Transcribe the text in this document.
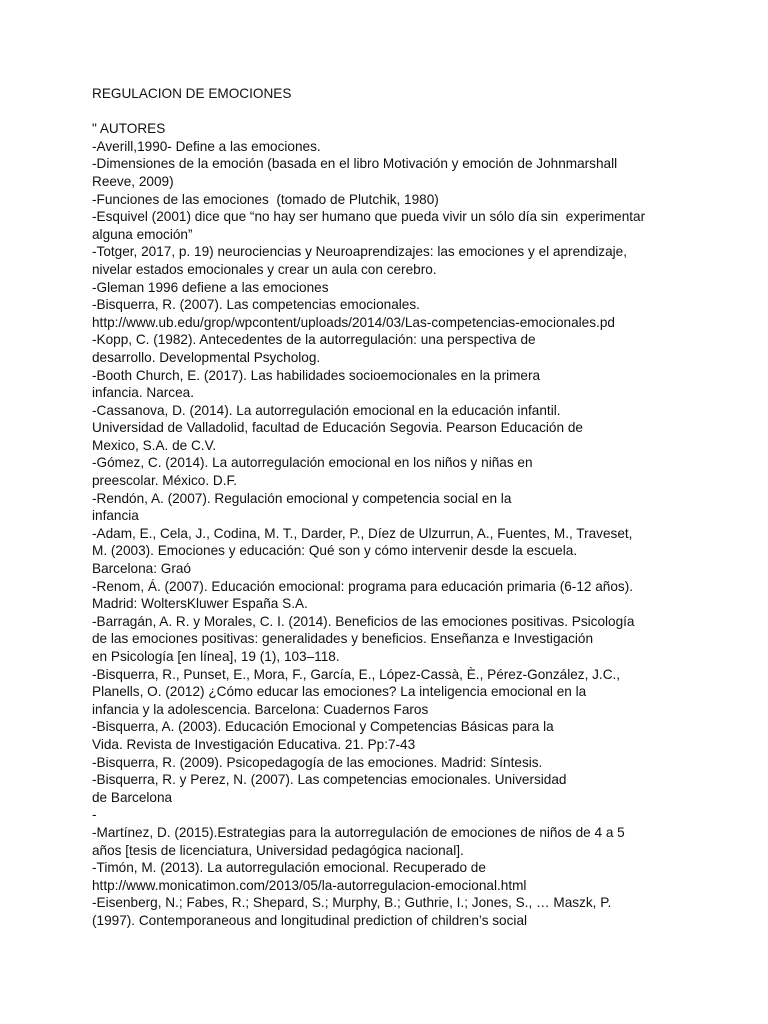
REGULACION DE EMOCIONES
" AUTORES
-Averill,1990- Define a las emociones.
-Dimensiones de la emoción (basada en el libro Motivación y emoción de Johnmarshall
Reeve, 2009)
-Funciones de las emociones  (tomado de Plutchik, 1980)
-Esquivel (2001) dice que “no hay ser humano que pueda vivir un sólo día sin  experimentar
alguna emoción”
-Totger, 2017, p. 19) neurociencias y Neuroaprendizajes: las emociones y el aprendizaje,
nivelar estados emocionales y crear un aula con cerebro.
-Gleman 1996 defiene a las emociones
-Bisquerra, R. (2007). Las competencias emocionales.
http://www.ub.edu/grop/wpcontent/uploads/2014/03/Las-competencias-emocionales.pd
-Kopp, C. (1982). Antecedentes de la autorregulación: una perspectiva de
desarrollo. Developmental Psycholog.
-Booth Church, E. (2017). Las habilidades socioemocionales en la primera
infancia. Narcea.
-Cassanova, D. (2014). La autorregulación emocional en la educación infantil.
Universidad de Valladolid, facultad de Educación Segovia. Pearson Educación de
Mexico, S.A. de C.V.
-Gómez, C. (2014). La autorregulación emocional en los niños y niñas en
preescolar. México. D.F.
-Rendón, A. (2007). Regulación emocional y competencia social en la
infancia
-Adam, E., Cela, J., Codina, M. T., Darder, P., Díez de Ulzurrun, A., Fuentes, M., Traveset,
M. (2003). Emociones y educación: Qué son y cómo intervenir desde la escuela.
Barcelona: Graó
-Renom, Á. (2007). Educación emocional: programa para educación primaria (6-12 años).
Madrid: WoltersKluwer España S.A.
-Barragán, A. R. y Morales, C. I. (2014). Beneficios de las emociones positivas. Psicología
de las emociones positivas: generalidades y beneficios. Enseñanza e Investigación
en Psicología [en línea], 19 (1), 103–118.
-Bisquerra, R., Punset, E., Mora, F., García, E., López-Cassà, È., Pérez-González, J.C.,
Planells, O. (2012) ¿Cómo educar las emociones? La inteligencia emocional en la
infancia y la adolescencia. Barcelona: Cuadernos Faros
-Bisquerra, A. (2003). Educación Emocional y Competencias Básicas para la
Vida. Revista de Investigación Educativa. 21. Pp:7-43
-Bisquerra, R. (2009). Psicopedagogía de las emociones. Madrid: Síntesis.
-Bisquerra, R. y Perez, N. (2007). Las competencias emocionales. Universidad
de Barcelona
-
-Martínez, D. (2015).Estrategias para la autorregulación de emociones de niños de 4 a 5
años [tesis de licenciatura, Universidad pedagógica nacional].
-Timón, M. (2013). La autorregulación emocional. Recuperado de
http://www.monicatimon.com/2013/05/la-autorregulacion-emocional.html
-Eisenberg, N.; Fabes, R.; Shepard, S.; Murphy, B.; Guthrie, I.; Jones, S., … Maszk, P.
(1997). Contemporaneous and longitudinal prediction of children’s social
